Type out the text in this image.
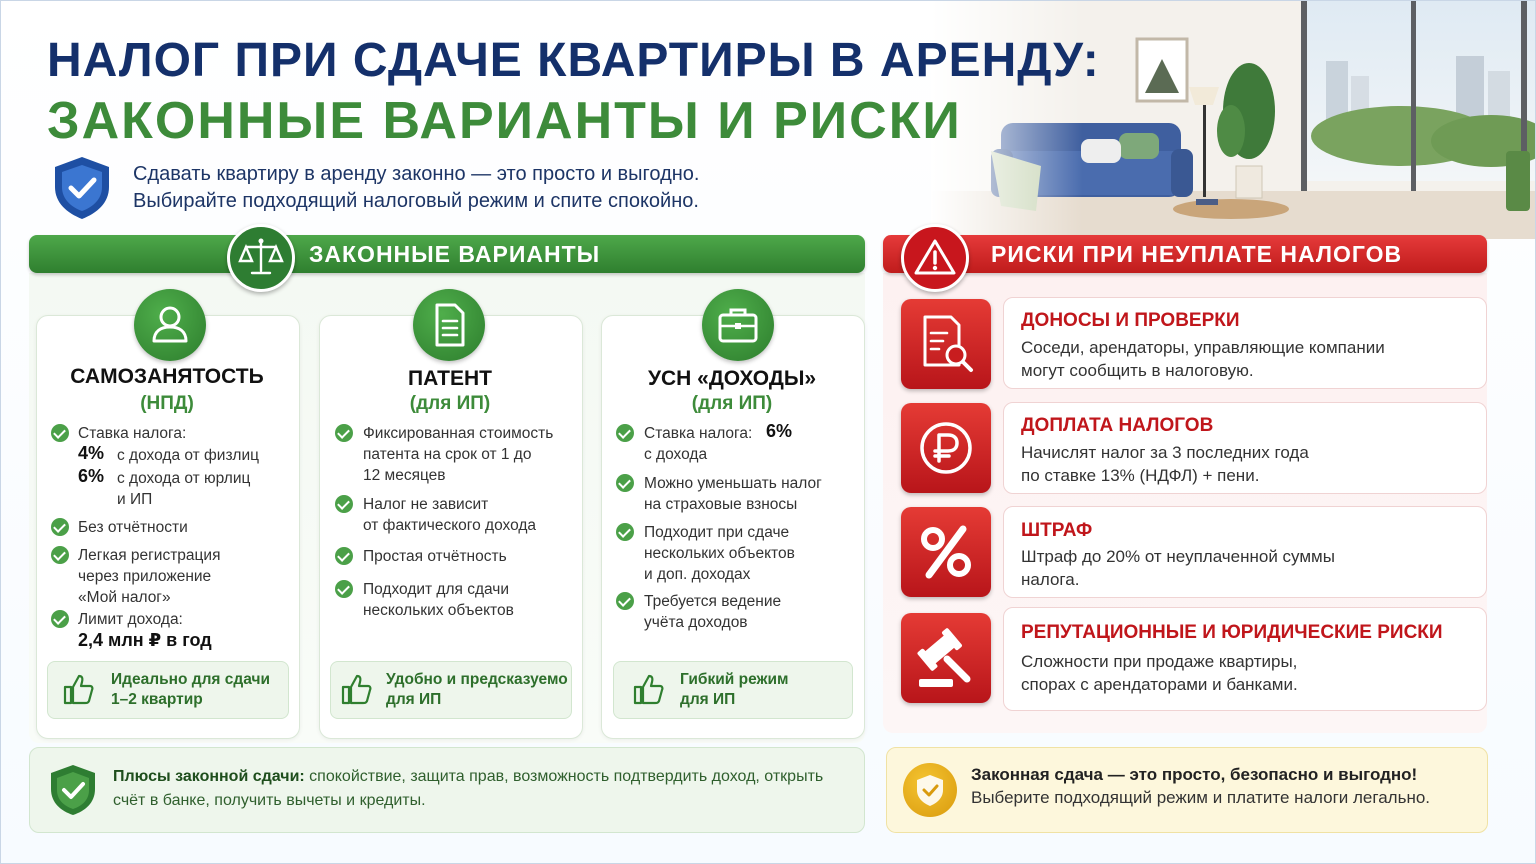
НАЛОГ ПРИ СДАЧЕ КВАРТИРЫ В АРЕНДУ:
ЗАКОННЫЕ ВАРИАНТЫ И РИСКИ
Сдавать квартиру в аренду законно — это просто и выгодно.
Выбирайте подходящий налоговый режим и спите спокойно.
ЗАКОННЫЕ ВАРИАНТЫ
САМОЗАНЯТОСТЬ
(НПД)
Ставка налога:
4% с дохода от физлиц
6% с дохода от юрлиц
и ИП
Без отчётности
Легкая регистрация
через приложение
«Мой налог»
Лимит дохода:
2,4 млн ₽ в год
Идеально для сдачи
1–2 квартир
ПАТЕНТ
(для ИП)
Фиксированная стоимость
патента на срок от 1 до
12 месяцев
Налог не зависит
от фактического дохода
Простая отчётность
Подходит для сдачи
нескольких объектов
Удобно и предсказуемо
для ИП
УСН «ДОХОДЫ»
(для ИП)
Ставка налога: 6%
с дохода
Можно уменьшать налог
на страховые взносы
Подходит при сдаче
нескольких объектов
и доп. доходах
Требуется ведение
учёта доходов
Гибкий режим
для ИП
Плюсы законной сдачи: спокойствие, защита прав, возможность подтвердить доход, открыть счёт в банке, получить вычеты и кредиты.
РИСКИ ПРИ НЕУПЛАТЕ НАЛОГОВ
ДОНОСЫ И ПРОВЕРКИ
Соседи, арендаторы, управляющие компании
могут сообщить в налоговую.
ДОПЛАТА НАЛОГОВ
Начислят налог за 3 последних года
по ставке 13% (НДФЛ) + пени.
ШТРАФ
Штраф до 20% от неуплаченной суммы
налога.
РЕПУТАЦИОННЫЕ И ЮРИДИЧЕСКИЕ РИСКИ
Сложности при продаже квартиры,
спорах с арендаторами и банками.
Законная сдача — это просто, безопасно и выгодно!
Выберите подходящий режим и платите налоги легально.
